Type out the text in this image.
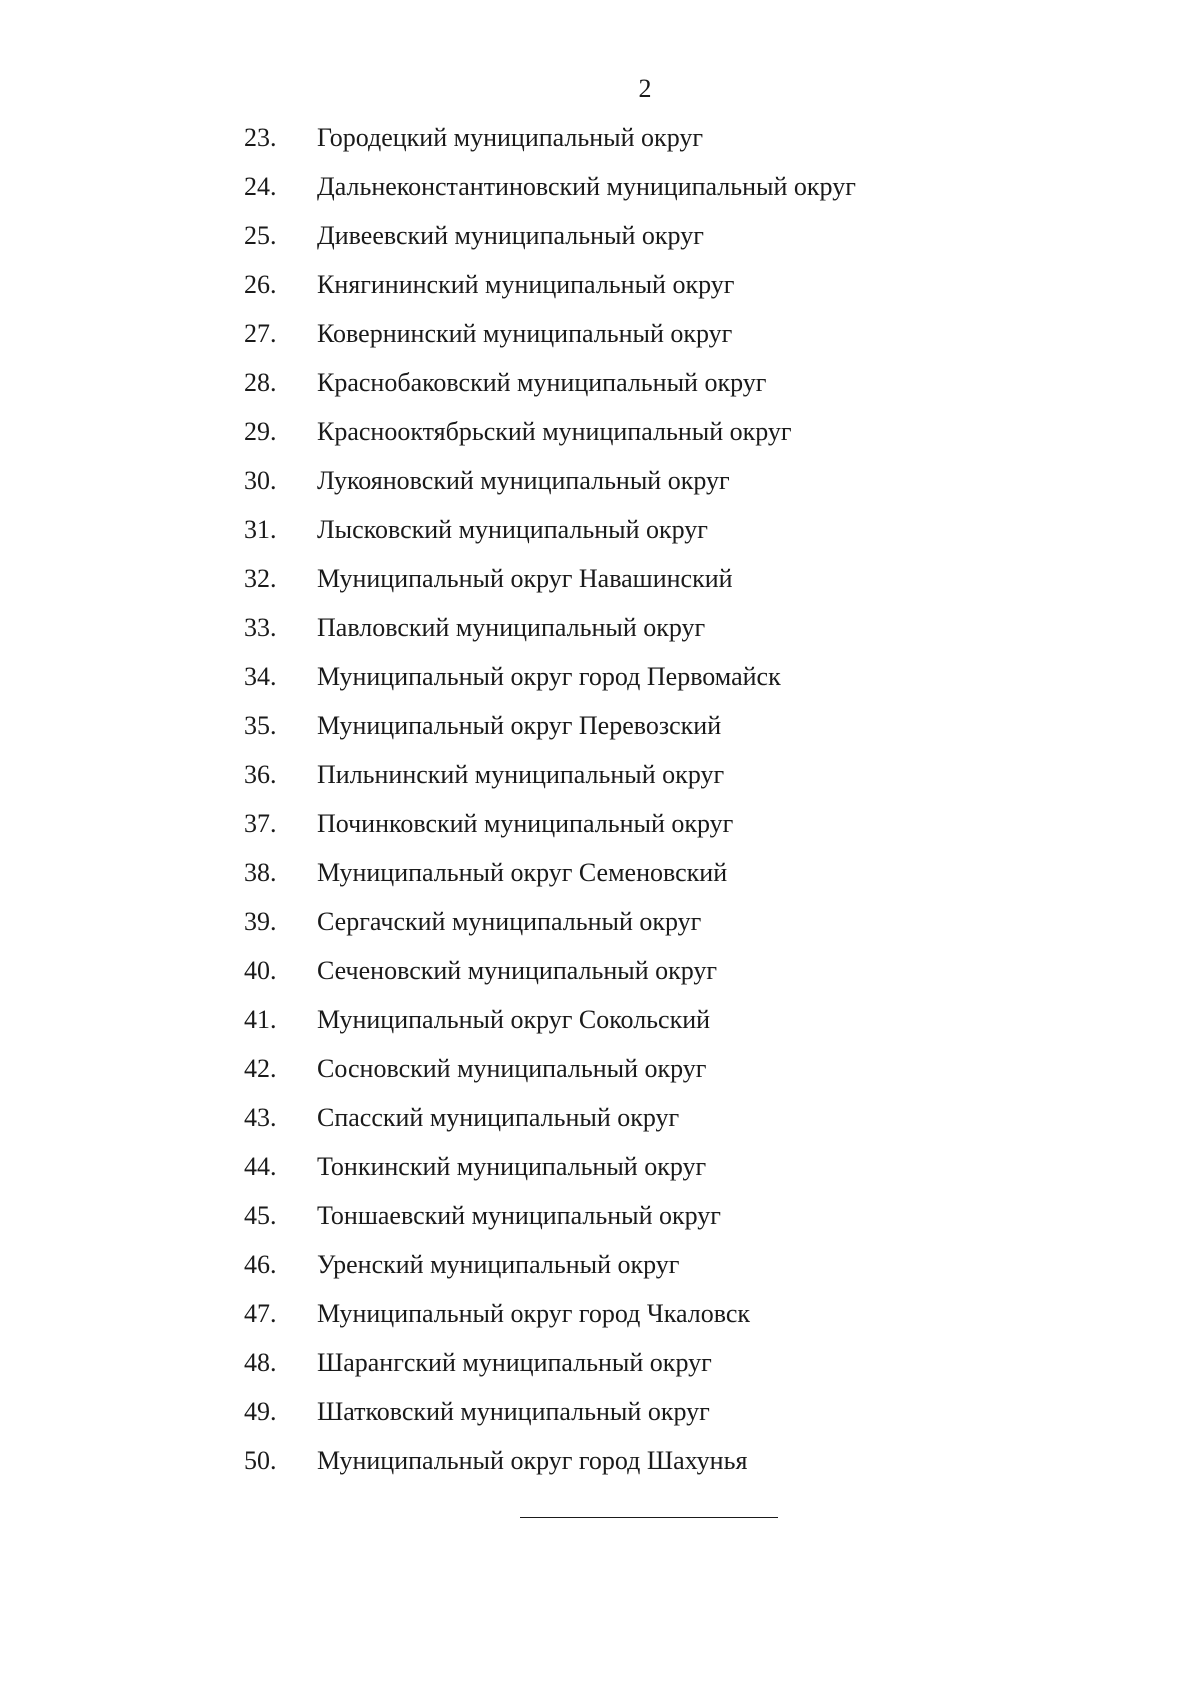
2
23.	Городецкий муниципальный округ
24.	Дальнеконстантиновский муниципальный округ
25.	Дивеевский муниципальный округ
26.	Княгининский муниципальный округ
27.	Ковернинский муниципальный округ
28.	Краснобаковский муниципальный округ
29.	Краснооктябрьский муниципальный округ
30.	Лукояновский муниципальный округ
31.	Лысковский муниципальный округ
32.	Муниципальный округ Навашинский
33.	Павловский муниципальный округ
34.	Муниципальный округ город Первомайск
35.	Муниципальный округ Перевозский
36.	Пильнинский муниципальный округ
37.	Починковский муниципальный округ
38.	Муниципальный округ Семеновский
39.	Сергачский муниципальный округ
40.	Сеченовский муниципальный округ
41.	Муниципальный округ Сокольский
42.	Сосновский муниципальный округ
43.	Спасский муниципальный округ
44.	Тонкинский муниципальный округ
45.	Тоншаевский муниципальный округ
46.	Уренский муниципальный округ
47.	Муниципальный округ город Чкаловск
48.	Шарангский муниципальный округ
49.	Шатковский муниципальный округ
50.	Муниципальный округ город Шахунья
